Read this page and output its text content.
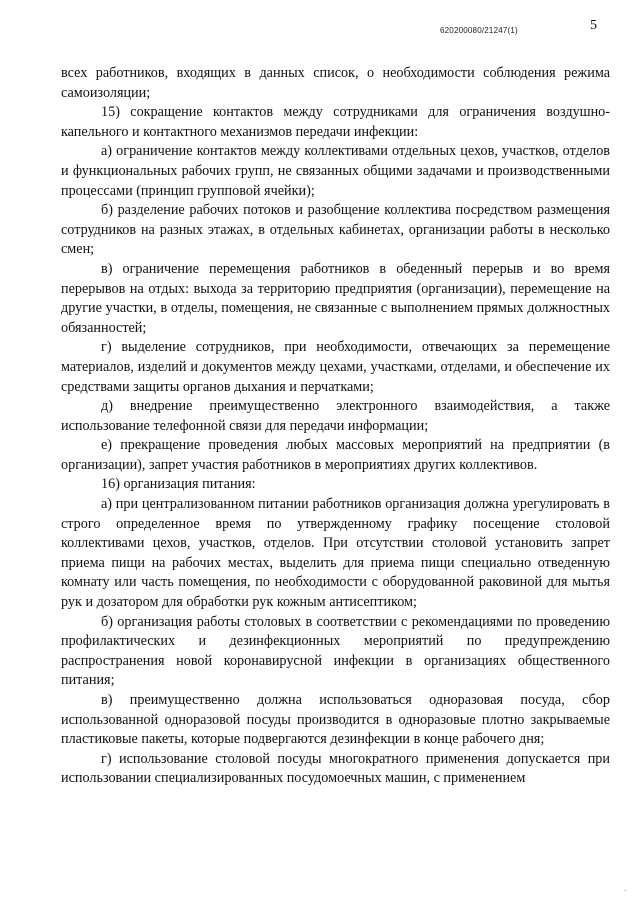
620200080/21247(1)	5

всех работников, входящих в данных список, о необходимости соблюдения режима самоизоляции;

15) сокращение контактов между сотрудниками для ограничения воздушно-капельного и контактного механизмов передачи инфекции:

а) ограничение контактов между коллективами отдельных цехов, участков, отделов и функциональных рабочих групп, не связанных общими задачами и производственными процессами (принцип групповой ячейки);

б) разделение рабочих потоков и разобщение коллектива посредством размещения сотрудников на разных этажах, в отдельных кабинетах, организации работы в несколько смен;

в) ограничение перемещения работников в обеденный перерыв и во время перерывов на отдых: выхода за территорию предприятия (организации), перемещение на другие участки, в отделы, помещения, не связанные с выполнением прямых должностных обязанностей;

г) выделение сотрудников, при необходимости, отвечающих за перемещение материалов, изделий и документов между цехами, участками, отделами, и обеспечение их средствами защиты органов дыхания и перчатками;

д) внедрение преимущественно электронного взаимодействия, а также использование телефонной связи для передачи информации;

е) прекращение проведения любых массовых мероприятий на предприятии (в организации), запрет участия работников в мероприятиях других коллективов.

16) организация питания:

а) при централизованном питании работников организация должна урегулировать в строго определенное время по утвержденному графику посещение столовой коллективами цехов, участков, отделов. При отсутствии столовой установить запрет приема пищи на рабочих местах, выделить для приема пищи специально отведенную комнату или часть помещения, по необходимости с оборудованной раковиной для мытья рук и дозатором для обработки рук кожным антисептиком;

б) организация работы столовых в соответствии с рекомендациями по проведению профилактических и дезинфекционных мероприятий по предупреждению распространения новой коронавирусной инфекции в организациях общественного питания;

в) преимущественно должна использоваться одноразовая посуда, сбор использованной одноразовой посуды производится в одноразовые плотно закрываемые пластиковые пакеты, которые подвергаются дезинфекции в конце рабочего дня;

г) использование столовой посуды многократного применения допускается при использовании специализированных посудомоечных машин, с применением

-
